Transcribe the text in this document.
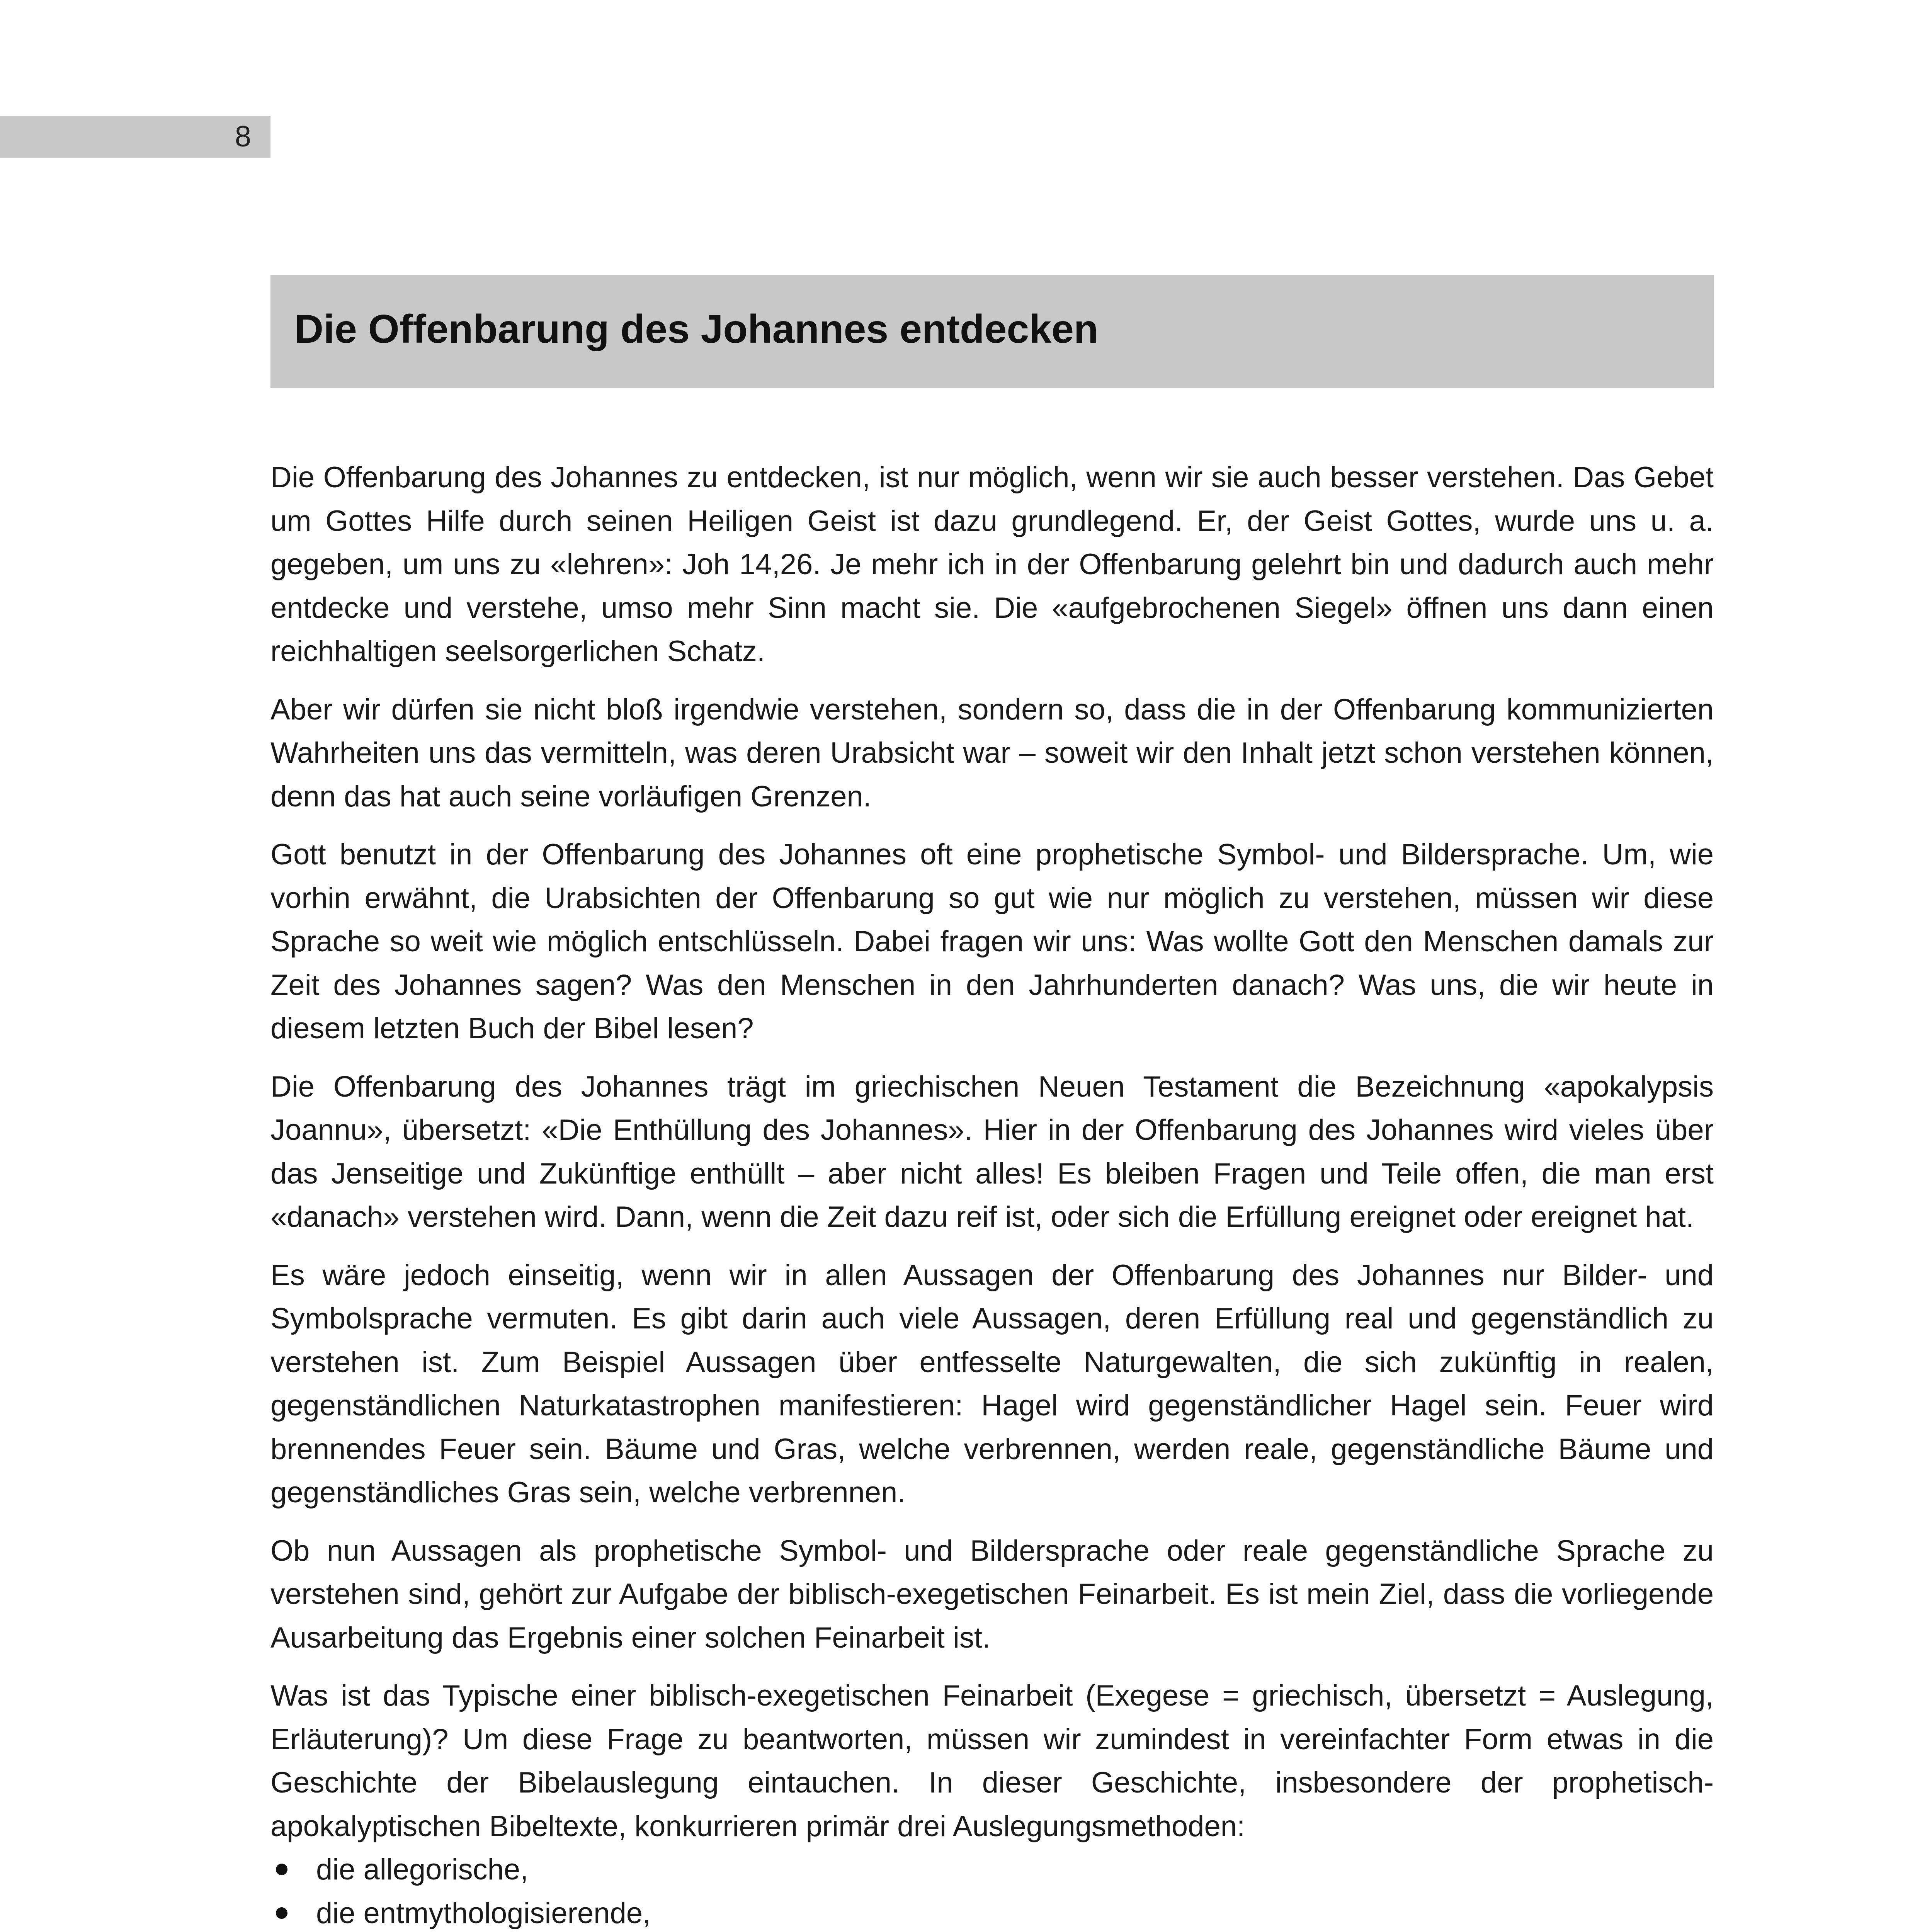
8
Die Offenbarung des Johannes entdecken

Die Offenbarung des Johannes zu entdecken, ist nur möglich, wenn wir sie auch besser verstehen. Das Gebet um Gottes Hilfe durch seinen Heiligen Geist ist dazu grundlegend. Er, der Geist Gottes, wurde uns u. a. gegeben, um uns zu «lehren»: Joh 14,26. Je mehr ich in der Offenbarung gelehrt bin und dadurch auch mehr entdecke und verstehe, umso mehr Sinn macht sie. Die «aufgebrochenen Siegel» öffnen uns dann einen reichhaltigen seelsorgerlichen Schatz.

Aber wir dürfen sie nicht bloß irgendwie verstehen, sondern so, dass die in der Offenbarung kommunizierten Wahrheiten uns das vermitteln, was deren Urabsicht war – soweit wir den Inhalt jetzt schon verstehen können, denn das hat auch seine vorläufigen Grenzen.

Gott benutzt in der Offenbarung des Johannes oft eine prophetische Symbol- und Bildersprache. Um, wie vorhin erwähnt, die Urabsichten der Offenbarung so gut wie nur möglich zu verstehen, müssen wir diese Sprache so weit wie möglich entschlüsseln. Dabei fragen wir uns: Was wollte Gott den Menschen damals zur Zeit des Johannes sagen? Was den Menschen in den Jahrhunderten danach? Was uns, die wir heute in diesem letzten Buch der Bibel lesen?

Die Offenbarung des Johannes trägt im griechischen Neuen Testament die Bezeichnung «apokalypsis Joannu», übersetzt: «Die Enthüllung des Johannes». Hier in der Offenbarung des Johannes wird vieles über das Jenseitige und Zukünftige enthüllt – aber nicht alles! Es bleiben Fragen und Teile offen, die man erst «danach» verstehen wird. Dann, wenn die Zeit dazu reif ist, oder sich die Erfüllung ereignet oder ereignet hat.

Es wäre jedoch einseitig, wenn wir in allen Aussagen der Offenbarung des Johannes nur Bilder- und Symbolsprache vermuten. Es gibt darin auch viele Aussagen, deren Erfüllung real und gegenständlich zu verstehen ist. Zum Beispiel Aussagen über entfesselte Naturgewalten, die sich zukünftig in realen, gegenständlichen Naturkatastrophen manifestieren: Hagel wird gegenständlicher Hagel sein. Feuer wird brennendes Feuer sein. Bäume und Gras, welche verbrennen, werden reale, gegenständliche Bäume und gegenständliches Gras sein, welche verbrennen.

Ob nun Aussagen als prophetische Symbol- und Bildersprache oder reale gegenständliche Sprache zu verstehen sind, gehört zur Aufgabe der biblisch-exegetischen Feinarbeit. Es ist mein Ziel, dass die vorliegende Ausarbeitung das Ergebnis einer solchen Feinarbeit ist.

Was ist das Typische einer biblisch-exegetischen Feinarbeit (Exegese = griechisch, übersetzt = Auslegung, Erläuterung)? Um diese Frage zu beantworten, müssen wir zumindest in vereinfachter Form etwas in die Geschichte der Bibelauslegung eintauchen. In dieser Geschichte, insbesondere der prophetisch-apokalyptischen Bibeltexte, konkurrieren primär drei Auslegungsmethoden:

die allegorische,
die entmythologisierende,
